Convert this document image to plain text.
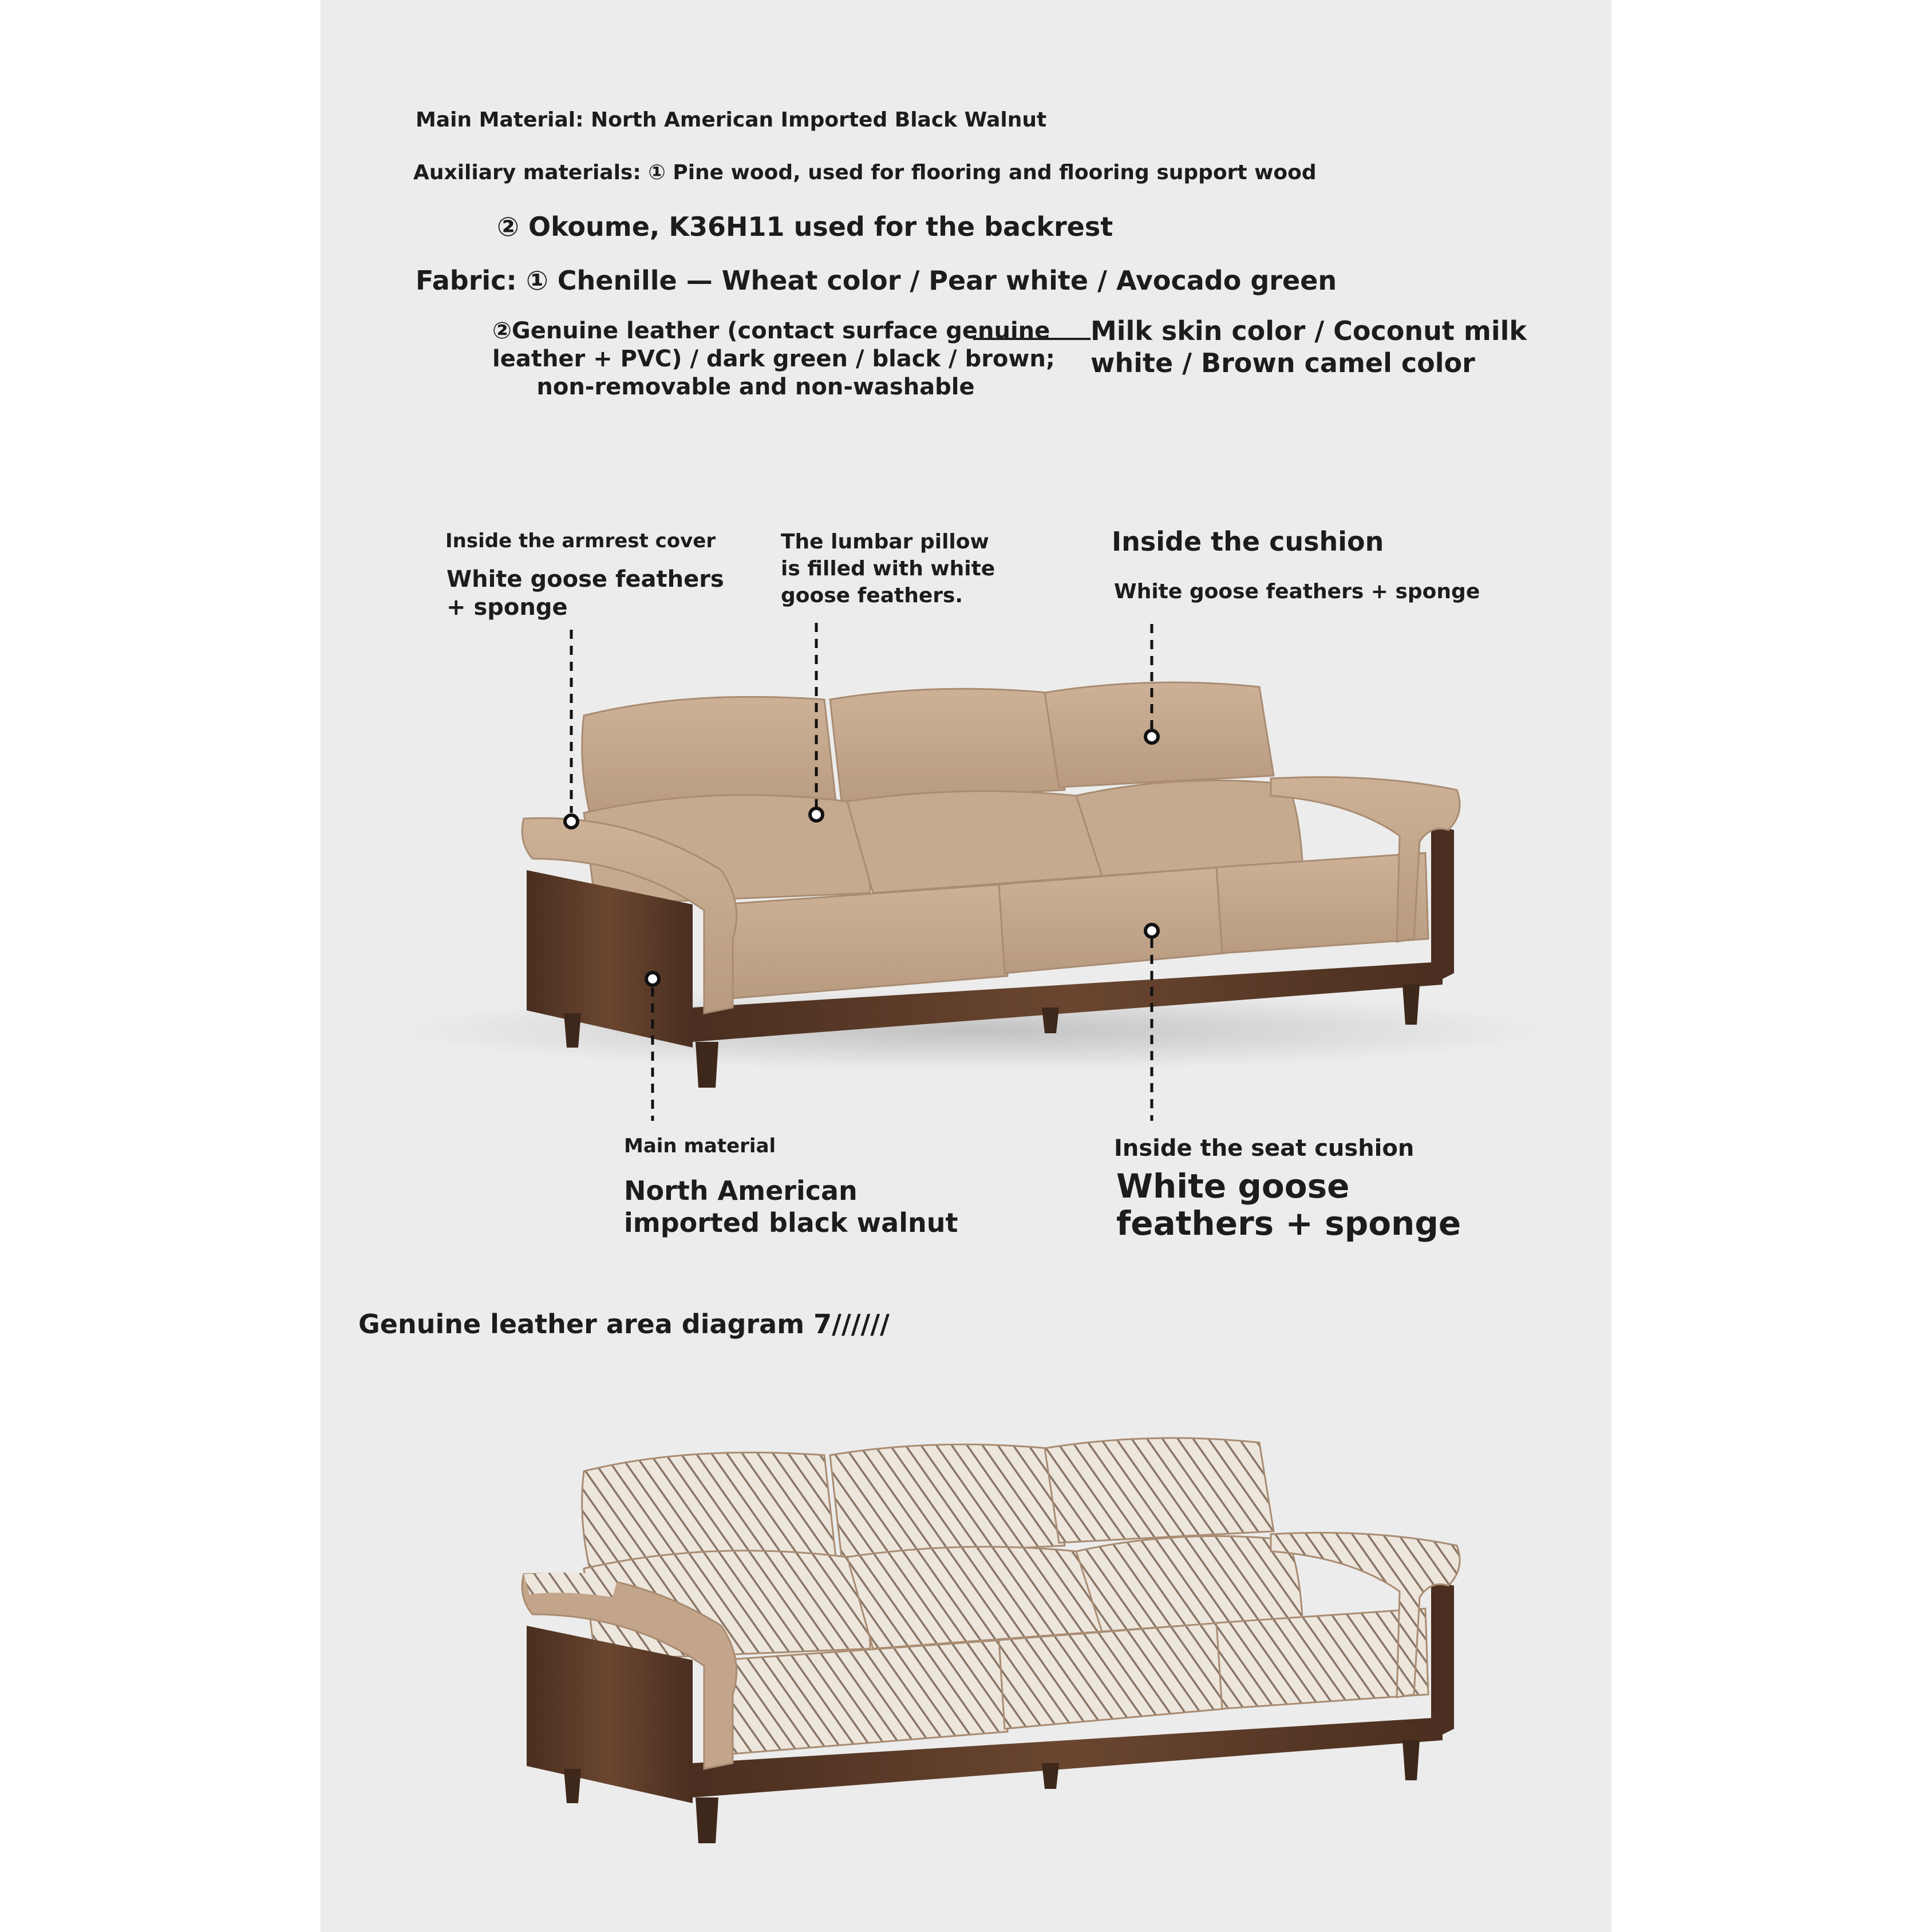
Main Material: North American Imported Black Walnut
Auxiliary materials: ① Pine wood, used for flooring and flooring support wood
② Okoume, K36H11 used for the backrest
Fabric: ① Chenille — Wheat color / Pear white / Avocado green
②Genuine leather (contact surface genuine
leather + PVC) / dark green / black / brown;
non-removable and non-washable
Milk skin color / Coconut milk
white / Brown camel color
Inside the armrest cover
White goose feathers
+ sponge
The lumbar pillow
is filled with white
goose feathers.
Inside the cushion
White goose feathers + sponge
Main material
North American
imported black walnut
Inside the seat cushion
White goose
feathers + sponge
Genuine leather area diagram 7//////
